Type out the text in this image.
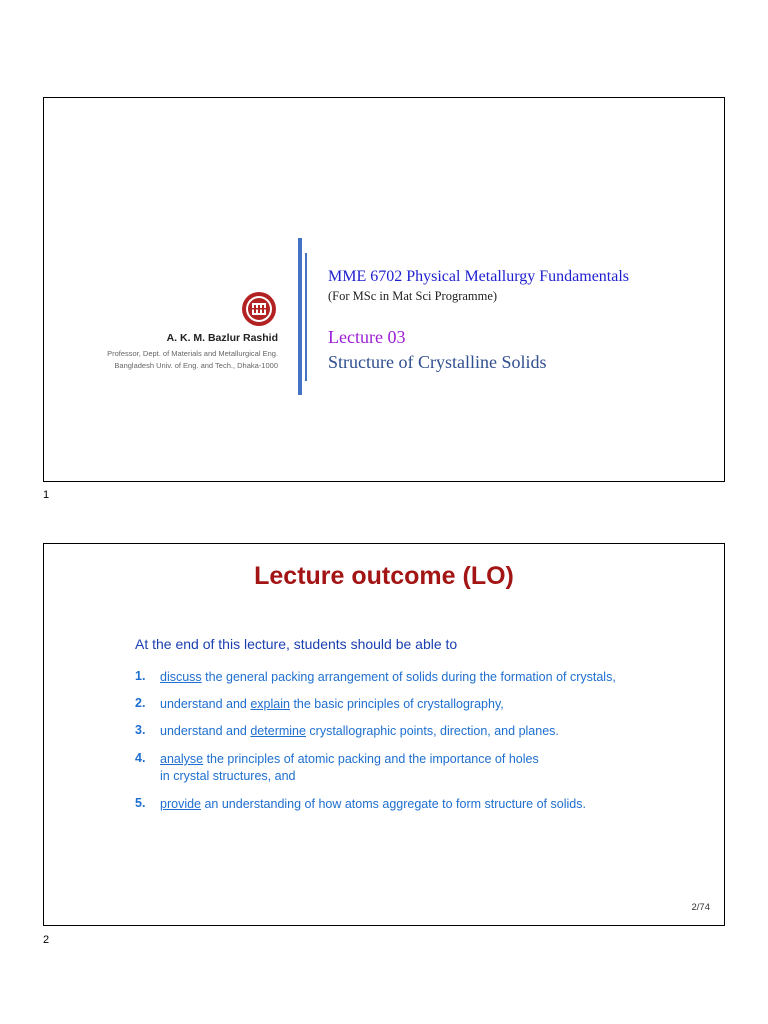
A. K. M. Bazlur Rashid
Professor, Dept. of Materials and Metallurgical Eng.
Bangladesh Univ. of Eng. and Tech., Dhaka-1000
MME 6702 Physical Metallurgy Fundamentals
(For MSc in Mat Sci Programme)
Lecture 03
Structure of Crystalline Solids
1
Lecture outcome (LO)
At the end of this lecture, students should be able to
1. discuss the general packing arrangement of solids during the formation of crystals,
2. understand and explain the basic principles of crystallography,
3. understand and determine crystallographic points, direction, and planes.
4. analyse the principles of atomic packing and the importance of holes
in crystal structures, and
5. provide an understanding of how atoms aggregate to form structure of solids.
2/74
2
